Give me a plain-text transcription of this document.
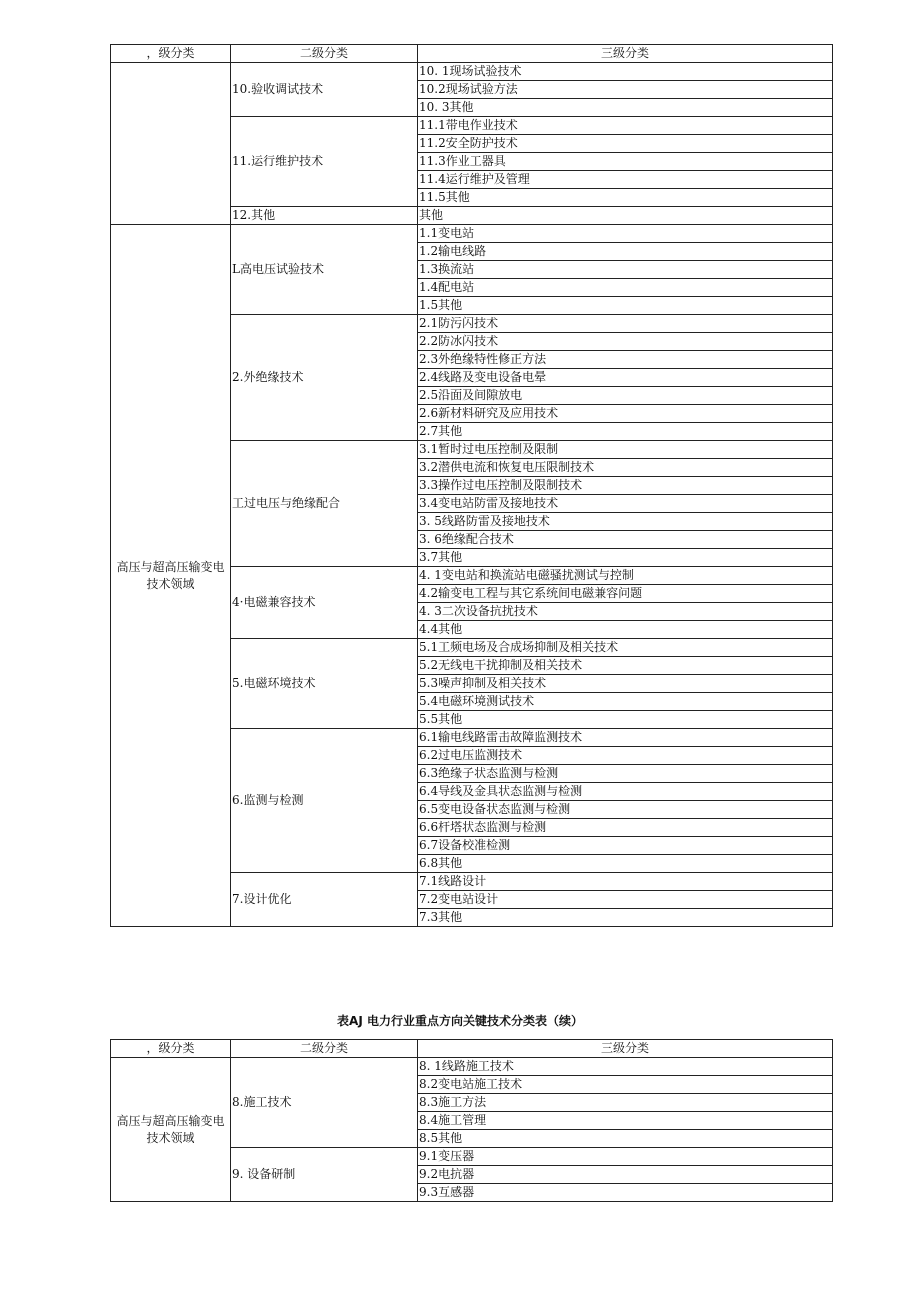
，级分类	二级分类	三级分类
	10.验收调试技术	10. 1现场试验技术
		10.2现场试验方法
		10. 3其他
	11.运行维护技术	11.1带电作业技术
		11.2安全防护技术
		11.3作业工器具
		11.4运行维护及管理
		11.5其他
	12.其他	其他
高压与超高压输变电技术领域	L高电压试验技术	1.1变电站
		1.2输电线路
		1.3换流站
		1.4配电站
		1.5其他
	2.外绝缘技术	2.1防污闪技术
		2.2防冰闪技术
		2.3外绝缘特性修正方法
		2.4线路及变电设备电晕
		2.5沿面及间隙放电
		2.6新材料研究及应用技术
		2.7其他
	工过电压与绝缘配合	3.1暂时过电压控制及限制
		3.2潜供电流和恢复电压限制技术
		3.3操作过电压控制及限制技术
		3.4变电站防雷及接地技术
		3. 5线路防雷及接地技术
		3. 6绝缘配合技术
		3.7其他
	4·电磁兼容技术	4. 1变电站和换流站电磁骚扰测试与控制
		4.2输变电工程与其它系统间电磁兼容问题
		4. 3二次设备抗扰技术
		4.4其他
	5.电磁环境技术	5.1工频电场及合成场抑制及相关技术
		5.2无线电干扰抑制及相关技术
		5.3噪声抑制及相关技术
		5.4电磁环境测试技术
		5.5其他
	6.监测与检测	6.1输电线路雷击故障监测技术
		6.2过电压监测技术
		6.3绝缘子状态监测与检测
		6.4导线及金具状态监测与检测
		6.5变电设备状态监测与检测
		6.6杆塔状态监测与检测
		6.7设备校准检测
		6.8其他
	7.设计优化	7.1线路设计
		7.2变电站设计
		7.3其他
表AJ 电力行业重点方向关键技术分类表（续）
，级分类	二级分类	三级分类
高压与超高压输变电技术领域	8.施工技术	8. 1线路施工技术
		8.2变电站施工技术
		8.3施工方法
		8.4施工管理
		8.5其他
	9. 设备研制	9.1变压器
		9.2电抗器
		9.3互感器
